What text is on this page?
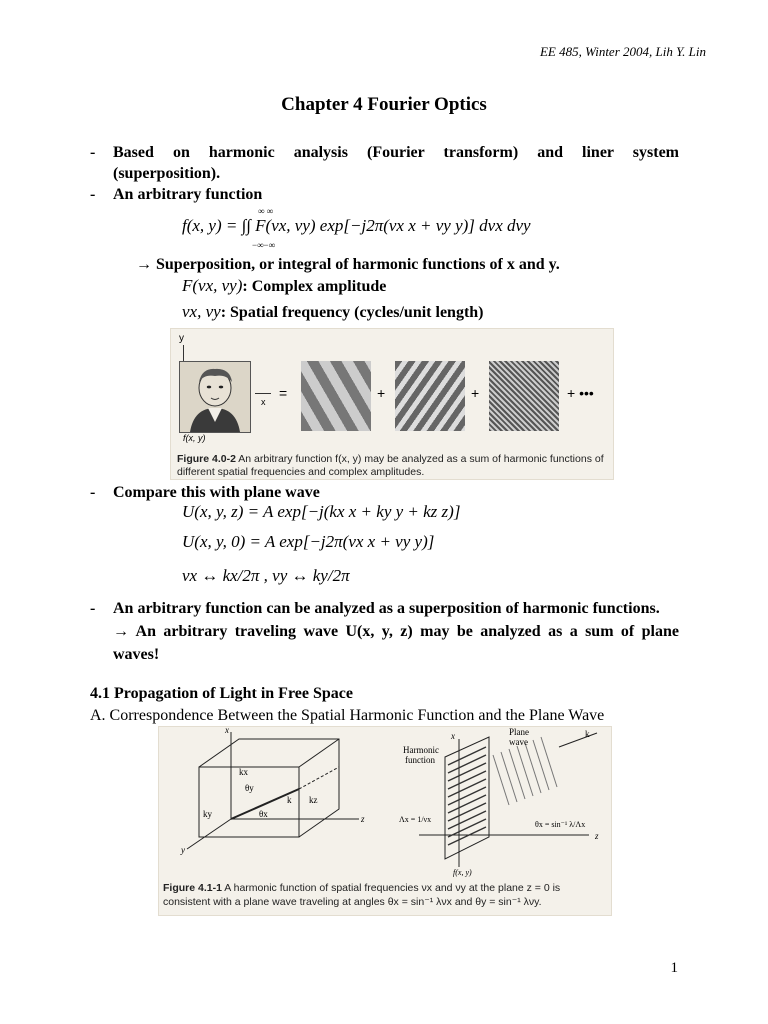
EE 485, Winter 2004, Lih Y. Lin
Chapter 4 Fourier Optics
- Based on harmonic analysis (Fourier transform) and liner system
(superposition).
- An arbitrary function
∞ ∞
f(x, y) = ∫∫ F(νx, νy) exp[−j2π(νx x + νy y)] dνx dνy
−∞−∞
→ Superposition, or integral of harmonic functions of x and y.
F(νx, νy): Complex amplitude
νx, νy: Spatial frequency (cycles/unit length)
y
f(x, y)
x
=	+	+	+ •••
Figure 4.0-2 An arbitrary function f(x, y) may be analyzed as a sum of harmonic functions of
different spatial frequencies and complex amplitudes.
- Compare this with plane wave
U(x, y, z) = A exp[−j(kx x + ky y + kz z)]
U(x, y, 0) = A exp[−j2π(νx x + νy y)]
νx ↔ kx/2π , νy ↔ ky/2π
- An arbitrary function can be analyzed as a superposition of harmonic functions.
→ An arbitrary traveling wave U(x, y, z) may be analyzed as a sum of plane
waves!
4.1 Propagation of Light in Free Space
A. Correspondence Between the Spatial Harmonic Function and the Plane Wave
x
z
y
kx
θy
k kz
ky	θx
x
z
k
Harmonic
function
Plane
wave
Λx = 1/νx
θx = sin⁻¹ λ/Λx
f(x, y)
Figure 4.1-1 A harmonic function of spatial frequencies νx and νy at the plane z = 0 is
consistent with a plane wave traveling at angles θx = sin⁻¹ λνx and θy = sin⁻¹ λνy.
1
